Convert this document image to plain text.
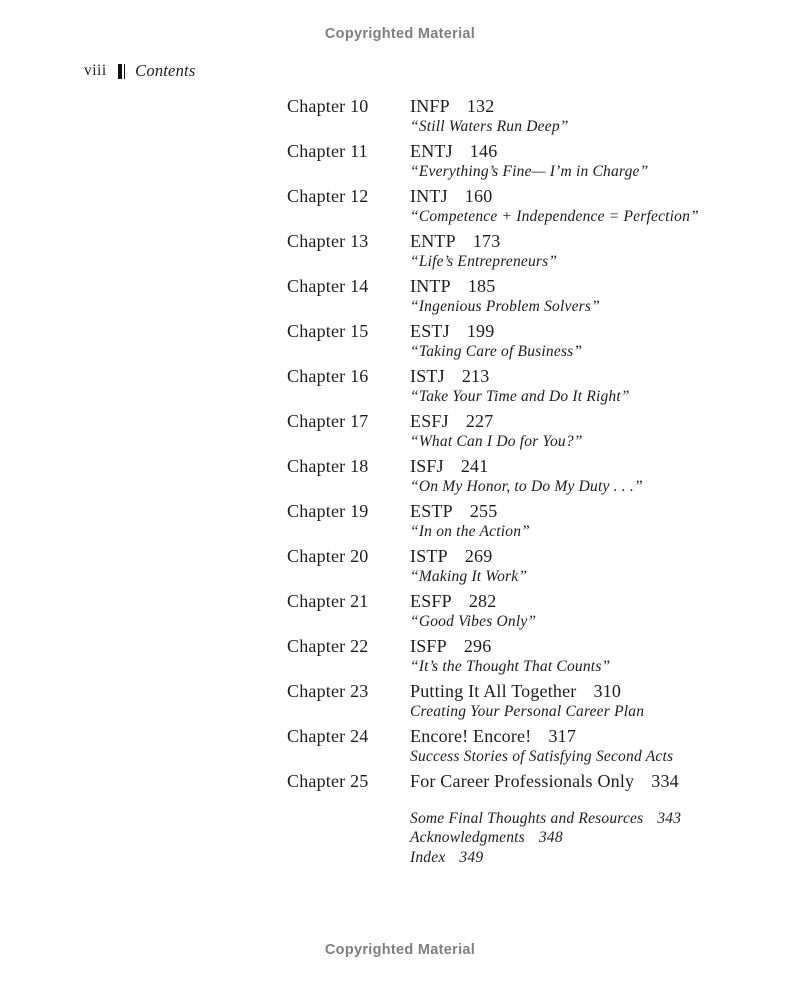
Copyrighted Material
viii Contents
Chapter 10	INFP 132
“Still Waters Run Deep”
Chapter 11	ENTJ 146
“Everything’s Fine— I’m in Charge”
Chapter 12	INTJ 160
“Competence + Independence = Perfection”
Chapter 13	ENTP 173
“Life’s Entrepreneurs”
Chapter 14	INTP 185
“Ingenious Problem Solvers”
Chapter 15	ESTJ 199
“Taking Care of Business”
Chapter 16	ISTJ 213
“Take Your Time and Do It Right”
Chapter 17	ESFJ 227
“What Can I Do for You?”
Chapter 18	ISFJ 241
“On My Honor, to Do My Duty . . .”
Chapter 19	ESTP 255
“In on the Action”
Chapter 20	ISTP 269
“Making It Work”
Chapter 21	ESFP 282
“Good Vibes Only”
Chapter 22	ISFP 296
“It’s the Thought That Counts”
Chapter 23	Putting It All Together 310
Creating Your Personal Career Plan
Chapter 24	Encore! Encore! 317
Success Stories of Satisfying Second Acts
Chapter 25	For Career Professionals Only 334
Some Final Thoughts and Resources 343
Acknowledgments 348
Index 349
Copyrighted Material
